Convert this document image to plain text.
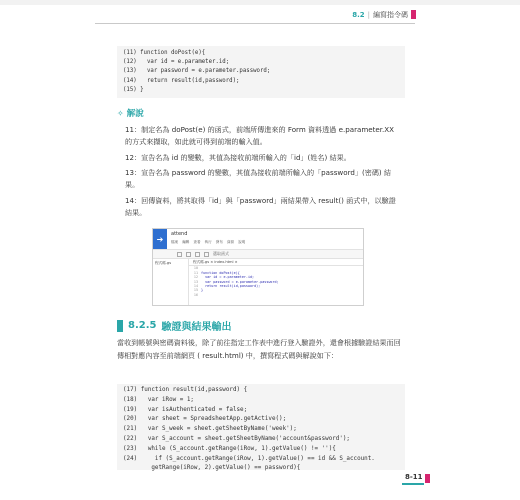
8.2 | 編寫指令碼
(11) function doPost(e){
(12)   var id = e.parameter.id;
(13)   var password = e.parameter.password;
(14)   return result(id,password);
(15) }
✧ 解說
11：制定名為 doPost(e) 的函式，前端所傳進來的 Form 資料透過 e.parameter.XX 的方式來擷取，如此就可得到前端的輸入值。
12：宣告名為 id 的變數，其值為接收前端所輸入的「id」(姓名) 結果。
13：宣告名為 password 的變數，其值為接收前端所輸入的「password」(密碼) 結果。
14：回傳資料，將其取得「id」與「password」兩結果帶入 result() 函式中，以驗證結果。
➔
attend
檔案 編輯 查看 執行 發布 資源 說明
選取函式
程式碼.gs	程式碼.gs × index.html ×
10
11 function doPost(e){
12 var id = e.parameter.id;
13 var password = e.parameter.password;
14 return result(id,password);
15 }
16
8.2.5 驗證與結果輸出
當收到帳號與密碼資料後，除了前往指定工作表中進行登入驗證外，還會根據驗證結果而回傳相對應內容至前端網頁 ( result.html) 中，撰寫程式碼與解說如下：
(17) function result(id,password) {
(18)   var iRow = 1;
(19)   var isAuthenticated = false;
(20)   var sheet = SpreadsheetApp.getActive();
(21)   var S_week = sheet.getSheetByName('week');
(22)   var S_account = sheet.getSheetByName('account&password');
(23)   while (S_account.getRange(iRow, 1).getValue() != ''){
(24)     if (S_account.getRange(iRow, 1).getValue() == id && S_account.
getRange(iRow, 2).getValue() == password){
8-11
